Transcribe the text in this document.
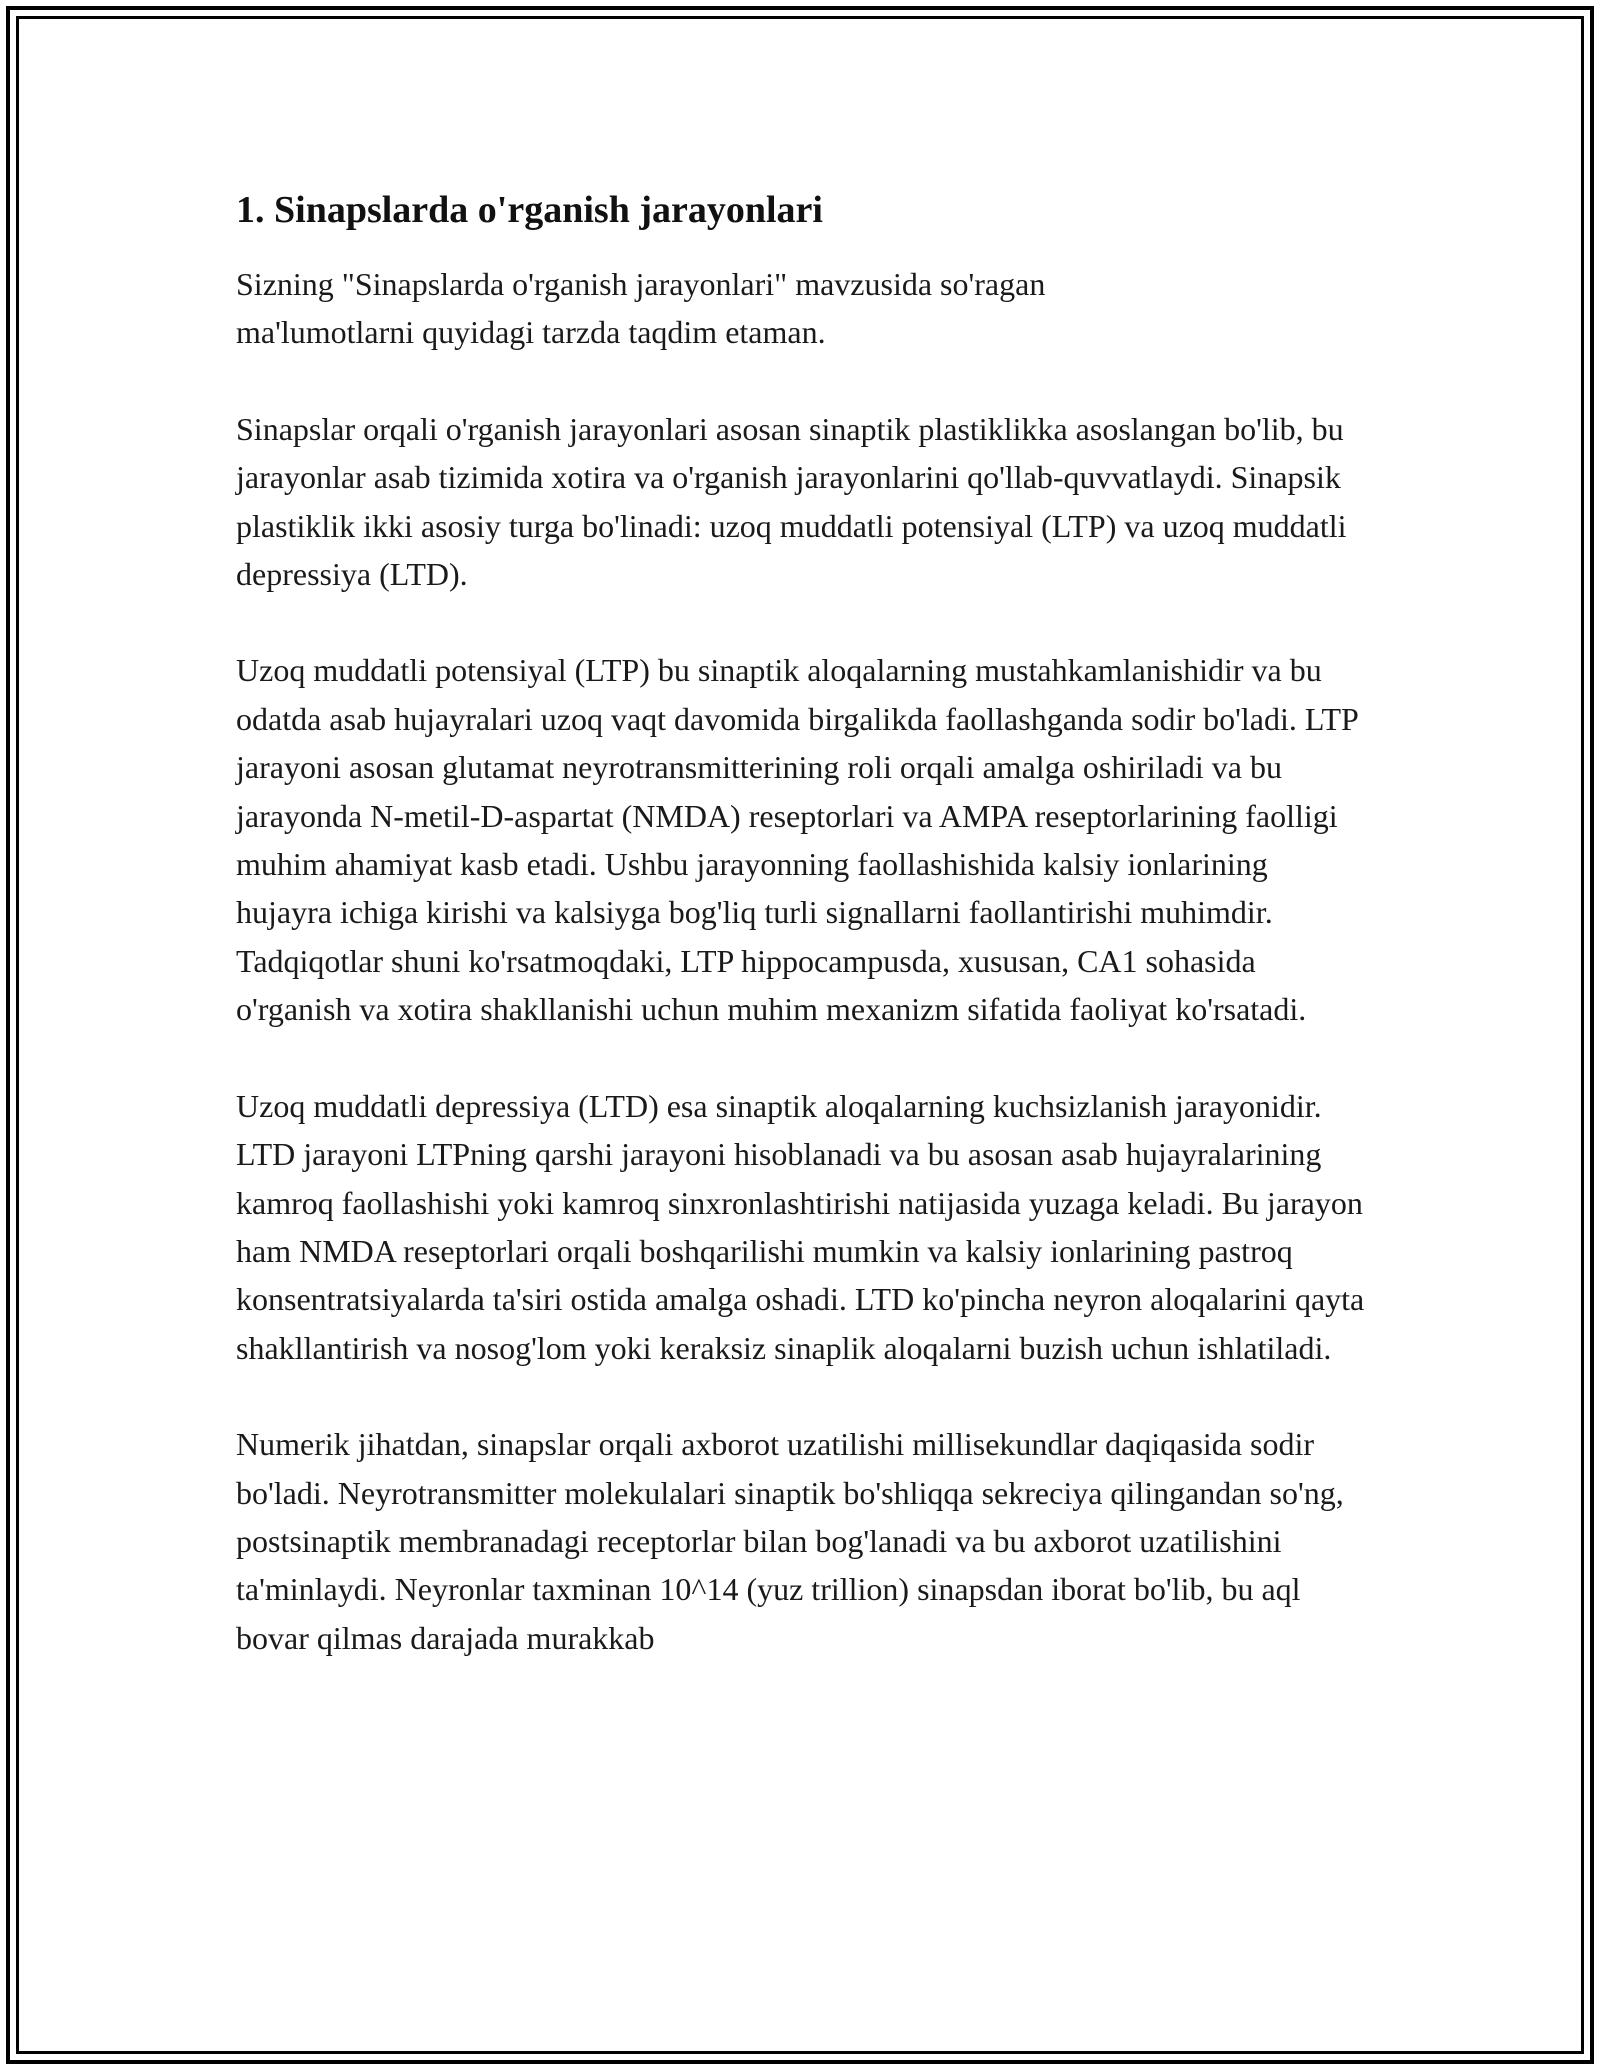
1. Sinapslarda o'rganish jarayonlari

Sizning "Sinapslarda o'rganish jarayonlari" mavzusida so'ragan ma'lumotlarni quyidagi tarzda taqdim etaman.

Sinapslar orqali o'rganish jarayonlari asosan sinaptik plastiklikka asoslangan bo'lib, bu jarayonlar asab tizimida xotira va o'rganish jarayonlarini qo'llab-quvvatlaydi. Sinapsik plastiklik ikki asosiy turga bo'linadi: uzoq muddatli potensiyal (LTP) va uzoq muddatli depressiya (LTD).

Uzoq muddatli potensiyal (LTP) bu sinaptik aloqalarning mustahkamlanishidir va bu odatda asab hujayralari uzoq vaqt davomida birgalikda faollashganda sodir bo'ladi. LTP jarayoni asosan glutamat neyrotransmitterining roli orqali amalga oshiriladi va bu jarayonda N-metil-D-aspartat (NMDA) reseptorlari va AMPA reseptorlarining faolligi muhim ahamiyat kasb etadi. Ushbu jarayonning faollashishida kalsiy ionlarining hujayra ichiga kirishi va kalsiyga bog'liq turli signallarni faollantirishi muhimdir. Tadqiqotlar shuni ko'rsatmoqdaki, LTP hippocampusda, xususan, CA1 sohasida o'rganish va xotira shakllanishi uchun muhim mexanizm sifatida faoliyat ko'rsatadi.

Uzoq muddatli depressiya (LTD) esa sinaptik aloqalarning kuchsizlanish jarayonidir. LTD jarayoni LTPning qarshi jarayoni hisoblanadi va bu asosan asab hujayralarining kamroq faollashishi yoki kamroq sinxronlashtirishi natijasida yuzaga keladi. Bu jarayon ham NMDA reseptorlari orqali boshqarilishi mumkin va kalsiy ionlarining pastroq konsentratsiyalarda ta'siri ostida amalga oshadi. LTD ko'pincha neyron aloqalarini qayta shakllantirish va nosog'lom yoki keraksiz sinaplik aloqalarni buzish uchun ishlatiladi.

Numerik jihatdan, sinapslar orqali axborot uzatilishi millisekundlar daqiqasida sodir bo'ladi. Neyrotransmitter molekulalari sinaptik bo'shliqqa sekreciya qilingandan so'ng, postsinaptik membranadagi receptorlar bilan bog'lanadi va bu axborot uzatilishini ta'minlaydi. Neyronlar taxminan 10^14 (yuz trillion) sinapsdan iborat bo'lib, bu aql bovar qilmas darajada murakkab
